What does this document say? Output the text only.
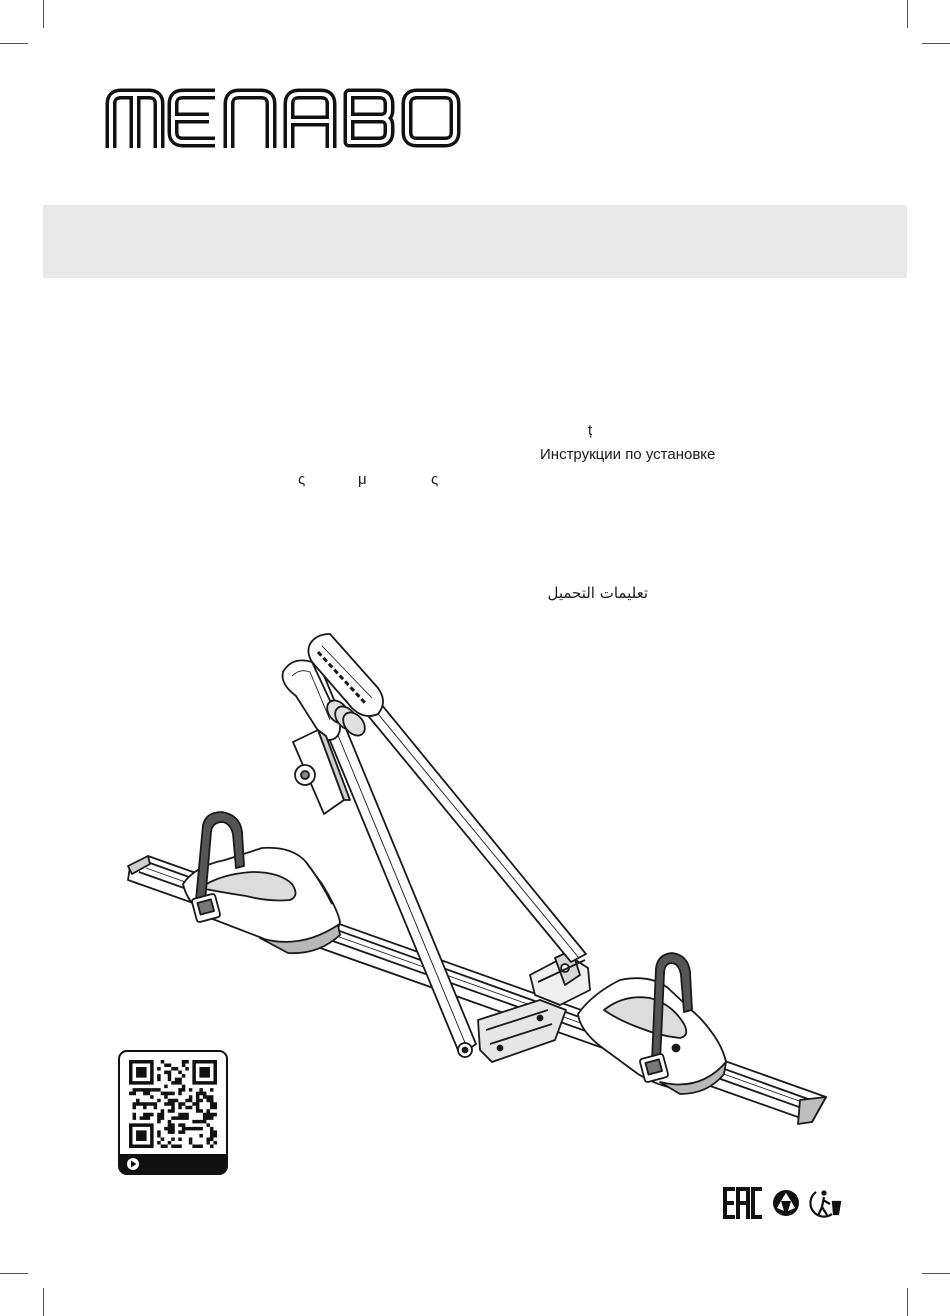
ț
Инструкции по установке
ς	μ	ς
تعليمات التحميل
